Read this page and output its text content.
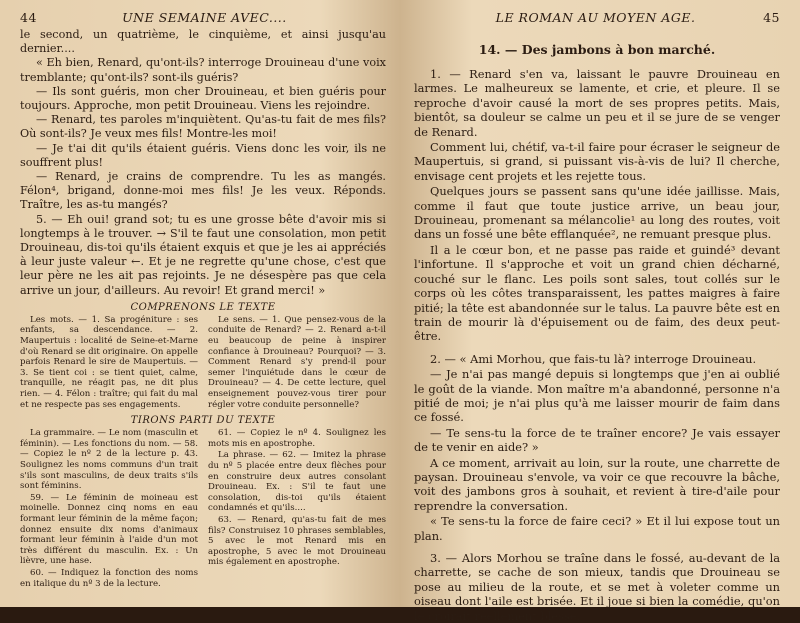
44	UNE SEMAINE AVEC....

le second, un quatrième, le cinquième, et ainsi jusqu'au dernier....

« Eh bien, Renard, qu'ont-ils? interroge Drouineau d'une voix tremblante; qu'ont-ils? sont-ils guéris?

— Ils sont guéris, mon cher Drouineau, et bien guéris pour toujours. Approche, mon petit Drouineau. Viens les rejoindre.

— Renard, tes paroles m'inquiètent. Qu'as-tu fait de mes fils? Où sont-ils? Je veux mes fils! Montre-les moi!

— Je t'ai dit qu'ils étaient guéris. Viens donc les voir, ils ne souffrent plus!

— Renard, je crains de comprendre. Tu les as mangés. Félon⁴, brigand, donne-moi mes fils! Je les veux. Réponds. Traître, les as-tu mangés?

5. — Eh oui! grand sot; tu es une grosse bête d'avoir mis si longtemps à le trouver. → S'il te faut une consolation, mon petit Drouineau, dis-toi qu'ils étaient exquis et que je les ai appréciés à leur juste valeur ←. Et je ne regrette qu'une chose, c'est que leur père ne les ait pas rejoints. Je ne désespère pas que cela arrive un jour, d'ailleurs. Au revoir! Et grand merci! »

COMPRENONS LE TEXTE

Les mots. — 1. Sa progéniture : ses enfants, sa descendance. — 2. Maupertuis : localité de Seine-et-Marne d'où Renard se dit originaire. On appelle parfois Renard le sire de Maupertuis. — 3. Se tient coi : se tient quiet, calme, tranquille, ne réagit pas, ne dit plus rien. — 4. Félon : traître; qui fait du mal et ne respecte pas ses engagements.

Le sens. — 1. Que pensez-vous de la conduite de Renard? — 2. Renard a-t-il eu beaucoup de peine à inspirer confiance à Drouineau? Pourquoi? — 3. Comment Renard s'y prend-il pour semer l'inquiétude dans le cœur de Drouineau? — 4. De cette lecture, quel enseignement pouvez-vous tirer pour régler votre conduite personnelle?

TIRONS PARTI DU TEXTE

La grammaire. — Le nom (masculin et féminin). — Les fonctions du nom. — 58. — Copiez le nº 2 de la lecture p. 43. Soulignez les noms communs d'un trait s'ils sont masculins, de deux traits s'ils sont féminins.

59. — Le féminin de moineau est moinelle. Donnez cinq noms en eau formant leur féminin de la même façon; donnez ensuite dix noms d'animaux formant leur féminin à l'aide d'un mot très différent du masculin. Ex. : Un lièvre, une hase.

60. — Indiquez la fonction des noms en italique du nº 3 de la lecture.

61. — Copiez le nº 4. Soulignez les mots mis en apostrophe.

La phrase. — 62. — Imitez la phrase du nº 5 placée entre deux flèches pour en construire deux autres consolant Drouineau. Ex. : S'il te faut une consolation, dis-toi qu'ils étaient condamnés et qu'ils....

63. — Renard, qu'as-tu fait de mes fils? Construisez 10 phrases semblables, 5 avec le mot Renard mis en apostrophe, 5 avec le mot Drouineau mis également en apostrophe.

LE ROMAN AU MOYEN AGE.	45
14. — Des jambons à bon marché.

1. — Renard s'en va, laissant le pauvre Drouineau en larmes. Le malheureux se lamente, et crie, et pleure. Il se reproche d'avoir causé la mort de ses propres petits. Mais, bientôt, sa douleur se calme un peu et il se jure de se venger de Renard.

Comment lui, chétif, va-t-il faire pour écraser le seigneur de Maupertuis, si grand, si puissant vis-à-vis de lui? Il cherche, envisage cent projets et les rejette tous.

Quelques jours se passent sans qu'une idée jaillisse. Mais, comme il faut que toute justice arrive, un beau jour, Drouineau, promenant sa mélancolie¹ au long des routes, voit dans un fossé une bête efflanquée², ne remuant presque plus.

Il a le cœur bon, et ne passe pas raide et guindé³ devant l'infortune. Il s'approche et voit un grand chien décharné, couché sur le flanc. Les poils sont sales, tout collés sur le corps où les côtes transparaissent, les pattes maigres à faire pitié; la tête est abandonnée sur le talus. La pauvre bête est en train de mourir là d'épuisement ou de faim, des deux peut-être.

2. — « Ami Morhou, que fais-tu là? interroge Drouineau.

— Je n'ai pas mangé depuis si longtemps que j'en ai oublié le goût de la viande. Mon maître m'a abandonné, personne n'a pitié de moi; je n'ai plus qu'à me laisser mourir de faim dans ce fossé.

— Te sens-tu la force de te traîner encore? Je vais essayer de te venir en aide? »

A ce moment, arrivait au loin, sur la route, une charrette de paysan. Drouineau s'envole, va voir ce que recouvre la bâche, voit des jambons gros à souhait, et revient à tire-d'aile pour reprendre la conversation.

« Te sens-tu la force de faire ceci? » Et il lui expose tout un plan.

3. — Alors Morhou se traîne dans le fossé, au-devant de la charrette, se cache de son mieux, tandis que Drouineau se pose au milieu de la route, et se met à voleter comme un oiseau dont l'aile est brisée. Et il joue si bien la comédie, qu'on le croirait réellement blessé.
